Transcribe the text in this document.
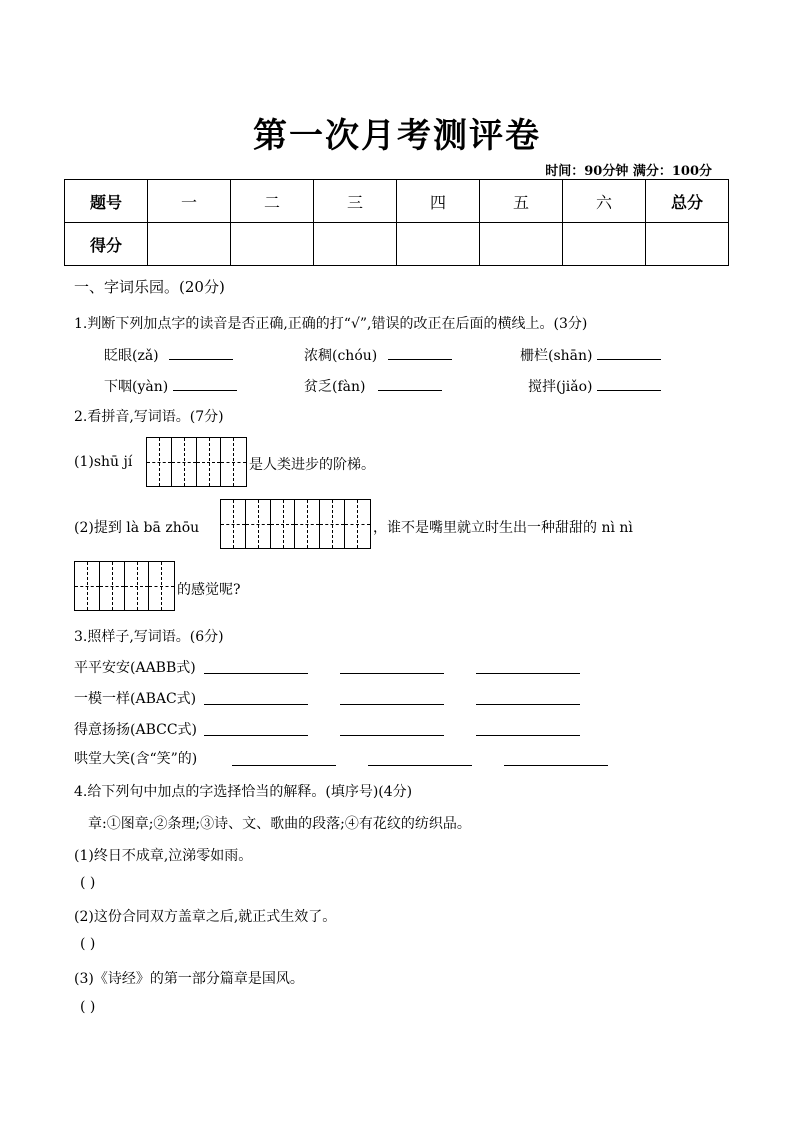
第一次月考测评卷
时间：90分钟 满分：100分
题号	一	二	三	四	五	六	总分
得分							
一、字词乐园。(20分)
1.判断下列加点字的读音是否正确,正确的打“√”,错误的改正在后面的横线上。(3分)
眨眼(zǎ)	浓稠(chóu)	栅栏(shān)
下咽(yàn)	贫乏(fàn)	搅拌(jiǎo)
2.看拼音,写词语。(7分)
(1)shū jí	是人类进步的阶梯。
(2)提到 là bā zhōu	，谁不是嘴里就立时生出一种甜甜的 nì nì
的感觉呢?
3.照样子,写词语。(6分)
平平安安(AABB式)
一模一样(ABAC式)
得意扬扬(ABCC式)
哄堂大笑(含“笑”的)
4.给下列句中加点的字选择恰当的解释。(填序号)(4分)
章:①图章;②条理;③诗、文、歌曲的段落;④有花纹的纺织品。
(1)终日不成章,泣涕零如雨。
( )
(2)这份合同双方盖章之后,就正式生效了。
( )
(3)《诗经》的第一部分篇章是国风。
( )
